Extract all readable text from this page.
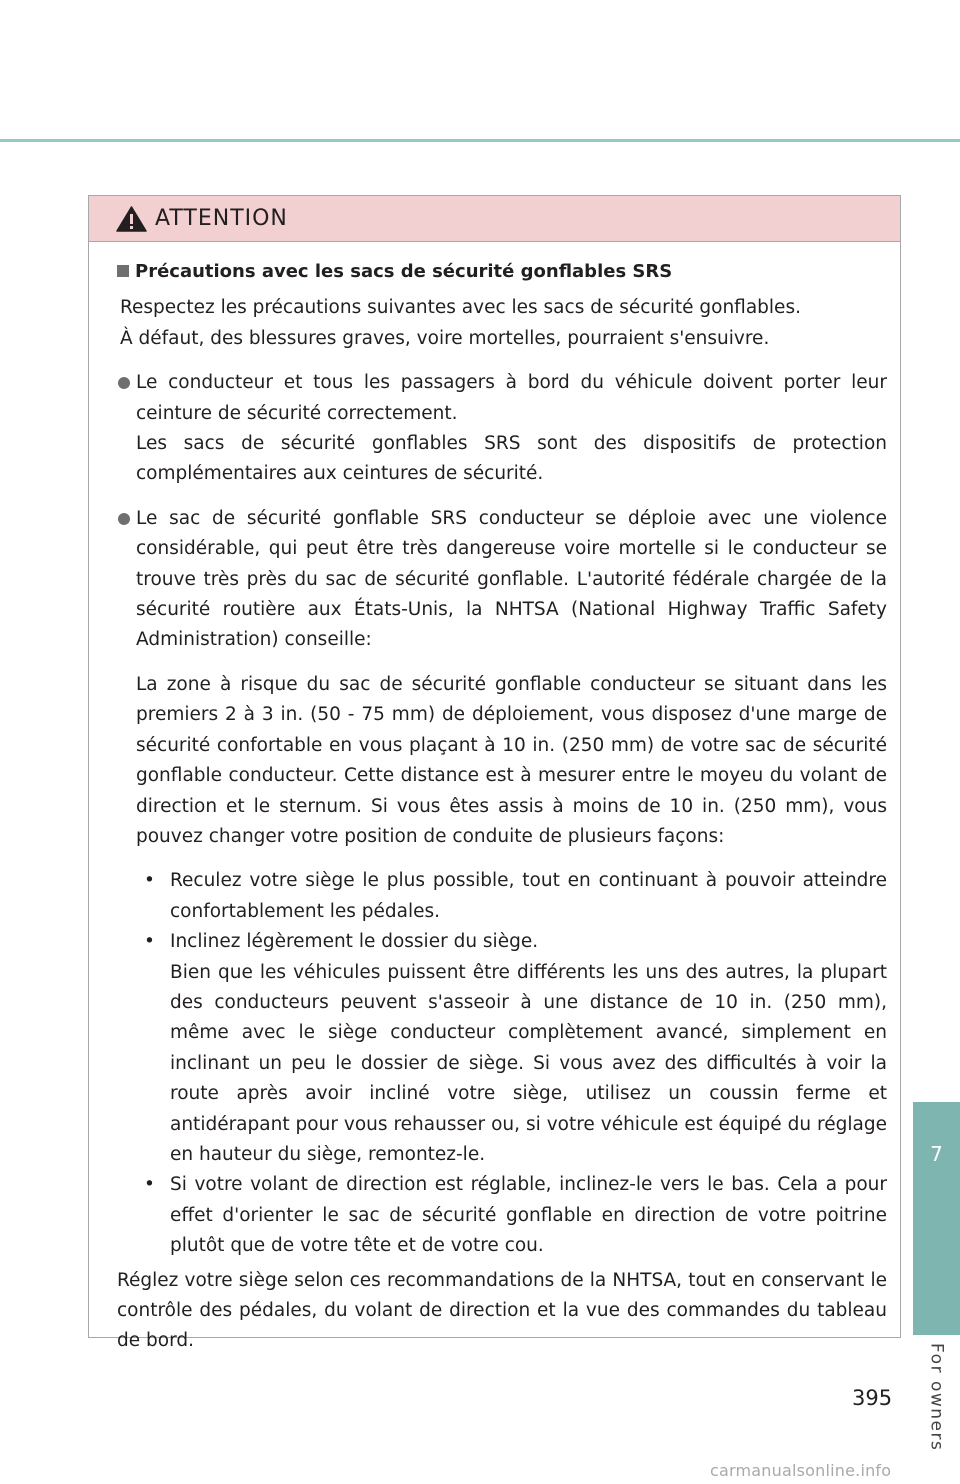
ATTENTION
Précautions avec les sacs de sécurité gonflables SRS

Respectez les précautions suivantes avec les sacs de sécurité gonflables.

À défaut, des blessures graves, voire mortelles, pourraient s'ensuivre.

Le conducteur et tous les passagers à bord du véhicule doivent porter leur ceinture de sécurité correctement.

Les sacs de sécurité gonflables SRS sont des dispositifs de protection complémentaires aux ceintures de sécurité.

Le sac de sécurité gonflable SRS conducteur se déploie avec une violence considérable, qui peut être très dangereuse voire mortelle si le conducteur se trouve très près du sac de sécurité gonflable. L'autorité fédérale chargée de la sécurité routière aux États-Unis, la NHTSA (National Highway Traffic Safety Administration) conseille:

La zone à risque du sac de sécurité gonflable conducteur se situant dans les premiers 2 à 3 in. (50 - 75 mm) de déploiement, vous disposez d'une marge de sécurité confortable en vous plaçant à 10 in. (250 mm) de votre sac de sécurité gonflable conducteur. Cette distance est à mesurer entre le moyeu du volant de direction et le sternum. Si vous êtes assis à moins de 10 in. (250 mm), vous pouvez changer votre position de conduite de plusieurs façons:

• Reculez votre siège le plus possible, tout en continuant à pouvoir atteindre confortablement les pédales.
• Inclinez légèrement le dossier du siège.

Bien que les véhicules puissent être différents les uns des autres, la plupart des conducteurs peuvent s'asseoir à une distance de 10 in. (250 mm), même avec le siège conducteur complètement avancé, simplement en inclinant un peu le dossier de siège. Si vous avez des difficultés à voir la route après avoir incliné votre siège, utilisez un coussin ferme et antidérapant pour vous rehausser ou, si votre véhicule est équipé du réglage en hauteur du siège, remontez-le.

• Si votre volant de direction est réglable, inclinez-le vers le bas. Cela a pour effet d'orienter le sac de sécurité gonflable en direction de votre poitrine plutôt que de votre tête et de votre cou.

Réglez votre siège selon ces recommandations de la NHTSA, tout en conservant le contrôle des pédales, du volant de direction et la vue des commandes du tableau de bord.

7
For owners
395
carmanualsonline.info
